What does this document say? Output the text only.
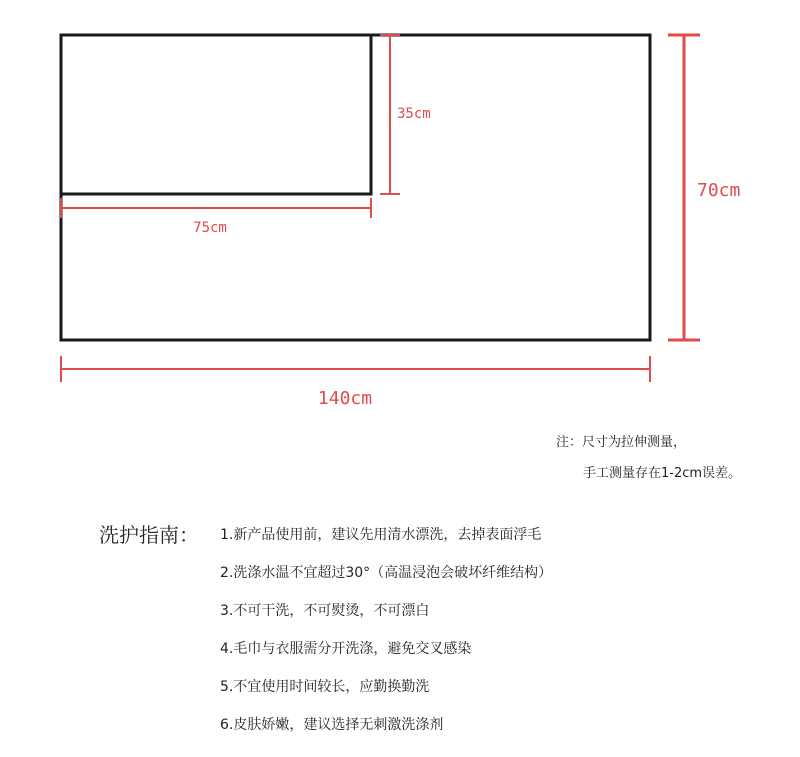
75cm
35cm
70cm
140cm
注：尺寸为拉伸测量，
手工测量存在1-2cm误差。
洗护指南： 1.新产品使用前，建议先用清水漂洗，去掉表面浮毛
2.洗涤水温不宜超过30°（高温浸泡会破坏纤维结构）
3.不可干洗，不可熨烫，不可漂白
4.毛巾与衣服需分开洗涤，避免交叉感染
5.不宜使用时间较长，应勤换勤洗
6.皮肤娇嫩，建议选择无刺激洗涤剂
